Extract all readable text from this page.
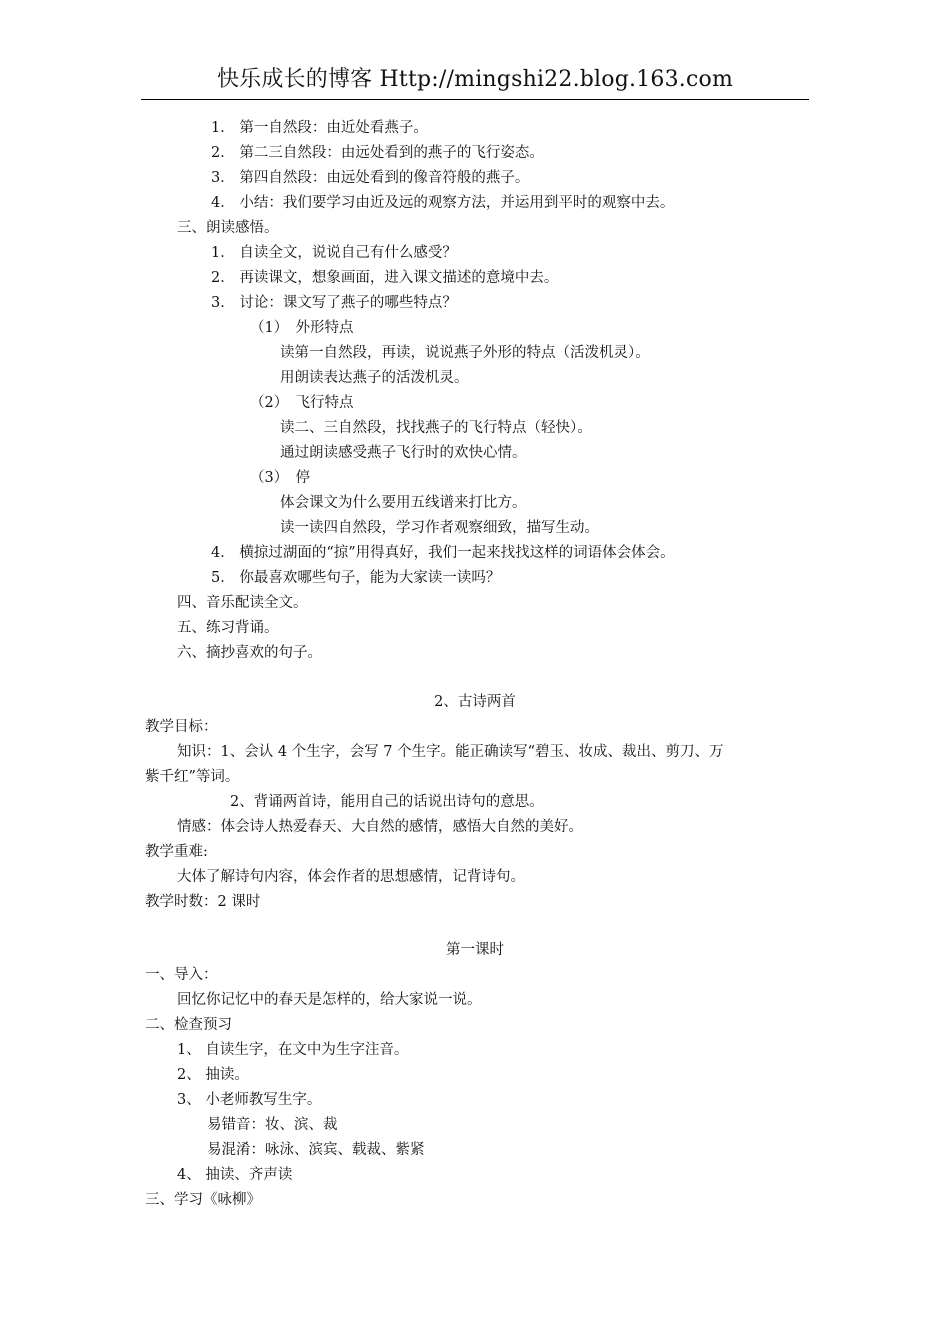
快乐成长的博客 Http://mingshi22.blog.163.com
1． 第一自然段：由近处看燕子。
2． 第二三自然段：由远处看到的燕子的飞行姿态。
3． 第四自然段：由远处看到的像音符般的燕子。
4． 小结：我们要学习由近及远的观察方法，并运用到平时的观察中去。
三、朗读感悟。
1． 自读全文，说说自己有什么感受？
2． 再读课文，想象画面，进入课文描述的意境中去。
3． 讨论：课文写了燕子的哪些特点？
（1）　外形特点
读第一自然段，再读，说说燕子外形的特点（活泼机灵）。
用朗读表达燕子的活泼机灵。
（2）　飞行特点
读二、三自然段，找找燕子的飞行特点（轻快）。
通过朗读感受燕子飞行时的欢快心情。
（3）　停
体会课文为什么要用五线谱来打比方。
读一读四自然段，学习作者观察细致，描写生动。
4． 横掠过湖面的“掠”用得真好，我们一起来找找这样的词语体会体会。
5． 你最喜欢哪些句子，能为大家读一读吗？
四、音乐配读全文。
五、练习背诵。
六、摘抄喜欢的句子。
2、古诗两首
教学目标：
知识：1、会认 4 个生字，会写 7 个生字。能正确读写“碧玉、妆成、裁出、剪刀、万
紫千红”等词。
2、背诵两首诗，能用自己的话说出诗句的意思。
情感：体会诗人热爱春天、大自然的感情，感悟大自然的美好。
教学重难:
大体了解诗句内容，体会作者的思想感情，记背诗句。
教学时数：2 课时
第一课时
一、导入：
回忆你记忆中的春天是怎样的，给大家说一说。
二、检查预习
1、 自读生字，在文中为生字注音。
2、 抽读。
3、 小老师教写生字。
易错音：妆、滨、裁
易混淆：咏泳、滨宾、载裁、紫紧
4、 抽读、齐声读
三、学习《咏柳》
